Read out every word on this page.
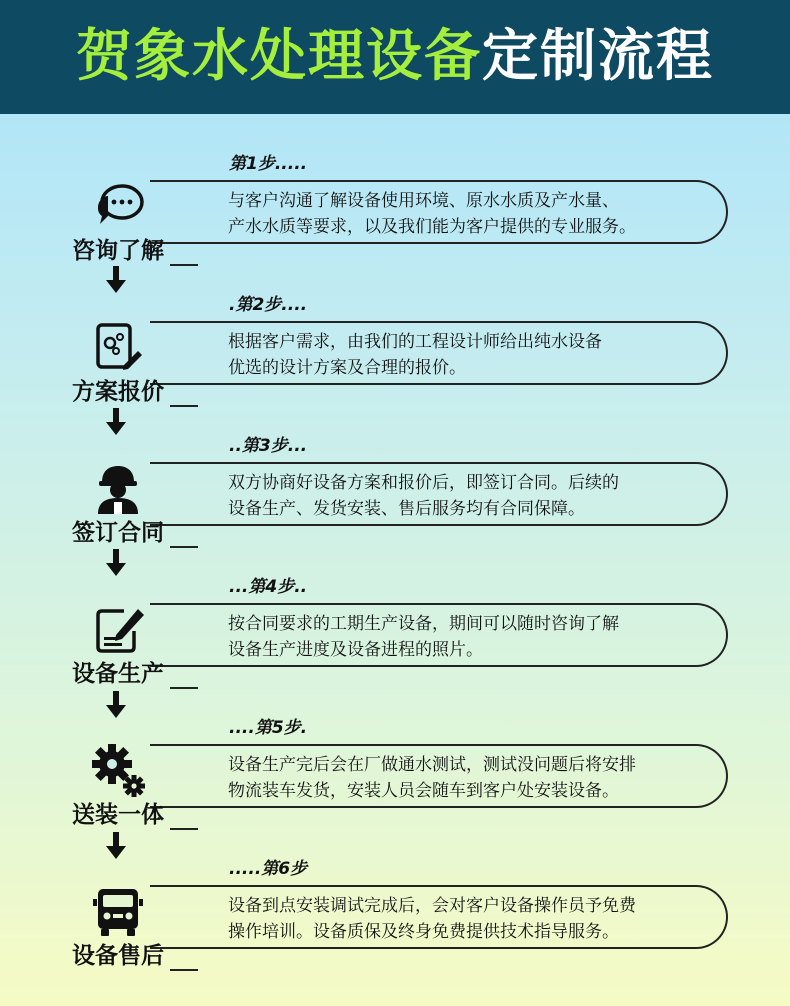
贺象水处理设备定制流程
第1步.....
与客户沟通了解设备使用环境、原水水质及产水量、
产水水质等要求，以及我们能为客户提供的专业服务。
咨询了解
.第2步....
根据客户需求，由我们的工程设计师给出纯水设备
优选的设计方案及合理的报价。
方案报价
..第3步...
双方协商好设备方案和报价后，即签订合同。后续的
设备生产、发货安装、售后服务均有合同保障。
签订合同
...第4步..
按合同要求的工期生产设备，期间可以随时咨询了解
设备生产进度及设备进程的照片。
设备生产
....第5步.
设备生产完后会在厂做通水测试，测试没问题后将安排
物流装车发货，安装人员会随车到客户处安装设备。
送装一体
.....第6步
设备到点安装调试完成后，会对客户设备操作员予免费
操作培训。设备质保及终身免费提供技术指导服务。
设备售后
